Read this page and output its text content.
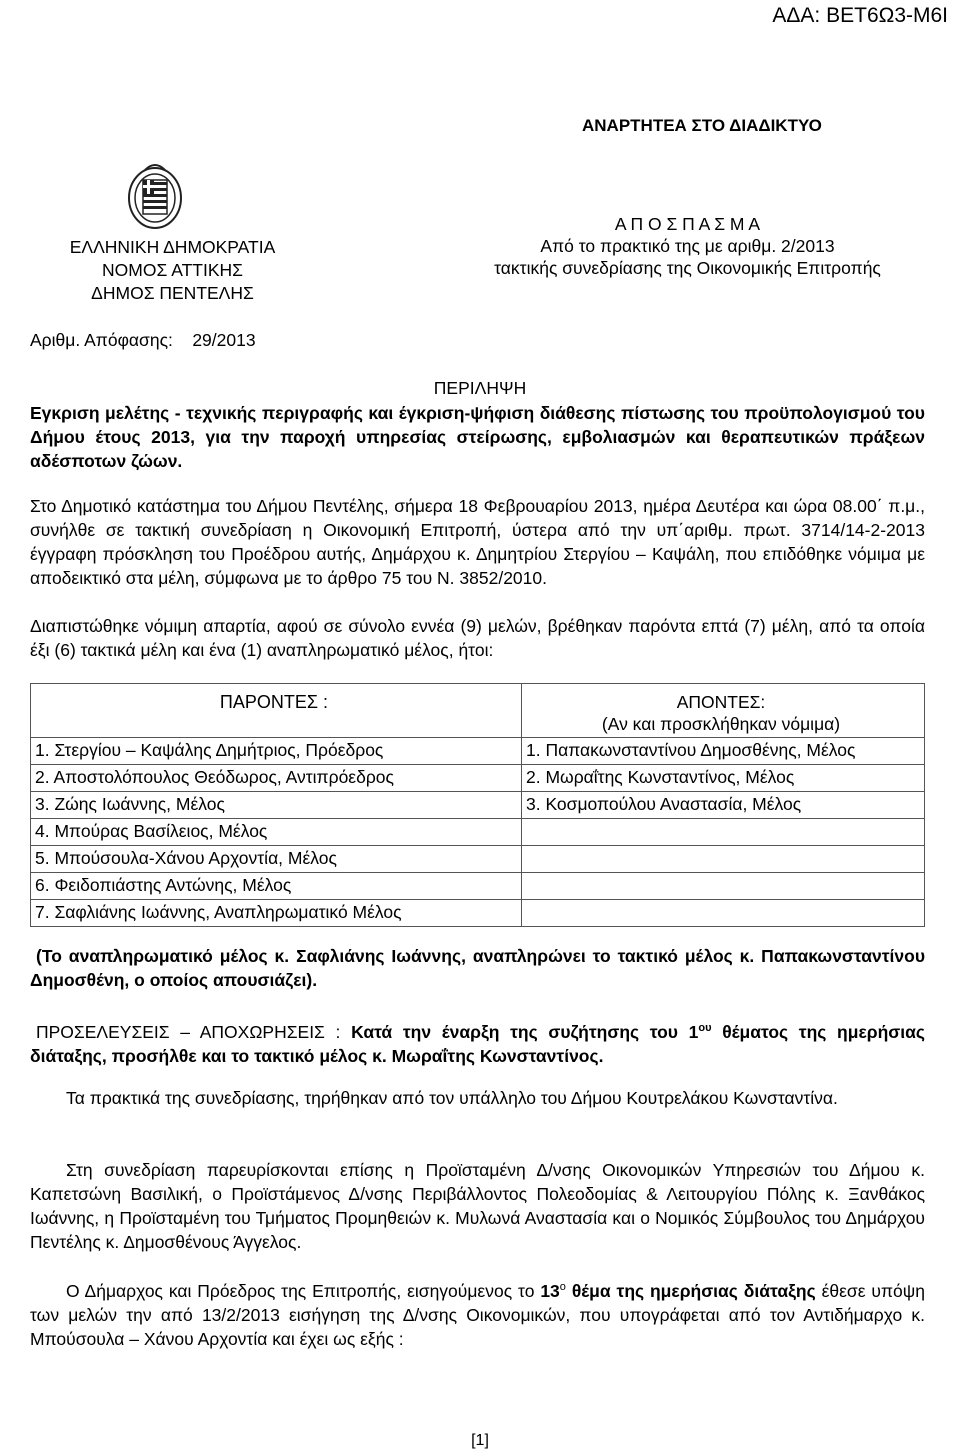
ΑΔΑ: ΒΕΤ6Ω3-Μ6Ι
ΑΝΑΡΤΗΤΕΑ ΣΤΟ ΔΙΑΔΙΚΤΥΟ
ΕΛΛΗΝΙΚΗ ΔΗΜΟΚΡΑΤΙΑ
ΝΟΜΟΣ ΑΤΤΙΚΗΣ
ΔΗΜΟΣ ΠΕΝΤΕΛΗΣ
Α Π Ο Σ Π Α Σ Μ Α
Από το πρακτικό της με αριθμ. 2/2013
τακτικής συνεδρίασης της Οικονομικής Επιτροπής
Αριθμ. Απόφασης: 29/2013
ΠΕΡΙΛΗΨΗ
Εγκριση μελέτης - τεχνικής περιγραφής και έγκριση-ψήφιση διάθεσης πίστωσης του προϋπολογισμού του Δήμου έτους 2013, για την παροχή υπηρεσίας στείρωσης, εμβολιασμών και θεραπευτικών πράξεων αδέσποτων ζώων.
Στο Δημοτικό κατάστημα του Δήμου Πεντέλης, σήμερα 18 Φεβρουαρίου 2013, ημέρα Δευτέρα και ώρα 08.00΄ π.μ., συνήλθε σε τακτική συνεδρίαση η Οικονομική Επιτροπή, ύστερα από την υπ΄αριθμ. πρωτ. 3714/14-2-2013 έγγραφη πρόσκληση του Προέδρου αυτής, Δημάρχου κ. Δημητρίου Στεργίου – Καψάλη, που επιδόθηκε νόμιμα με αποδεικτικό στα μέλη, σύμφωνα με το άρθρο 75 του Ν. 3852/2010.
Διαπιστώθηκε νόμιμη απαρτία, αφού σε σύνολο εννέα (9) μελών, βρέθηκαν παρόντα επτά (7) μέλη, από τα οποία έξι (6) τακτικά μέλη και ένα (1) αναπληρωματικό μέλος, ήτοι:
ΠΑΡΟΝΤΕΣ :	ΑΠΟΝΤΕΣ:
(Αν και προσκλήθηκαν νόμιμα)

1. Στεργίου – Καψάλης Δημήτριος, Πρόεδρος	1. Παπακωνσταντίνου Δημοσθένης, Μέλος
2. Αποστολόπουλος Θεόδωρος, Αντιπρόεδρος	2. Μωραΐτης Κωνσταντίνος, Μέλος
3. Ζώης Ιωάννης, Μέλος	3. Κοσμοπούλου Αναστασία, Μέλος
4. Μπούρας Βασίλειος, Μέλος	
5. Μπούσουλα-Χάνου Αρχοντία, Μέλος	
6. Φειδοπιάστης Αντώνης, Μέλος	
7. Σαφλιάνης Ιωάννης, Αναπληρωματικό Μέλος	
(Το αναπληρωματικό μέλος κ. Σαφλιάνης Ιωάννης, αναπληρώνει το τακτικό μέλος κ. Παπακωνσταντίνου Δημοσθένη, ο οποίος απουσιάζει).
ΠΡΟΣΕΛΕΥΣΕΙΣ – ΑΠΟΧΩΡΗΣΕΙΣ : Κατά την έναρξη της συζήτησης του $1^{o\upsilon}$ θέματος της ημερήσιας διάταξης, προσήλθε και το τακτικό μέλος κ. Μωραΐτης Κωνσταντίνος.
Τα πρακτικά της συνεδρίασης, τηρήθηκαν από τον υπάλληλο του Δήμου Κουτρελάκου Κωνσταντίνα.
Στη συνεδρίαση παρευρίσκονται επίσης η Προϊσταμένη Δ/νσης Οικονομικών Υπηρεσιών του Δήμου κ. Καπετσώνη Βασιλική, ο Προϊστάμενος Δ/νσης Περιβάλλοντος Πολεοδομίας & Λειτουργίου Πόλης κ. Ξανθάκος Ιωάννης, η Προϊσταμένη του Τμήματος Προμηθειών κ. Μυλωνά Αναστασία και ο Νομικός Σύμβουλος του Δημάρχου Πεντέλης κ. Δημοσθένους Άγγελος.
Ο Δήμαρχος και Πρόεδρος της Επιτροπής, εισηγούμενος το $13^o$ θέμα της ημερήσιας διάταξης έθεσε υπόψη των μελών την από 13/2/2013 εισήγηση της Δ/νσης Οικονομικών, που υπογράφεται από τον Αντιδήμαρχο κ. Μπούσουλα – Χάνου Αρχοντία και έχει ως εξής :
[1]
